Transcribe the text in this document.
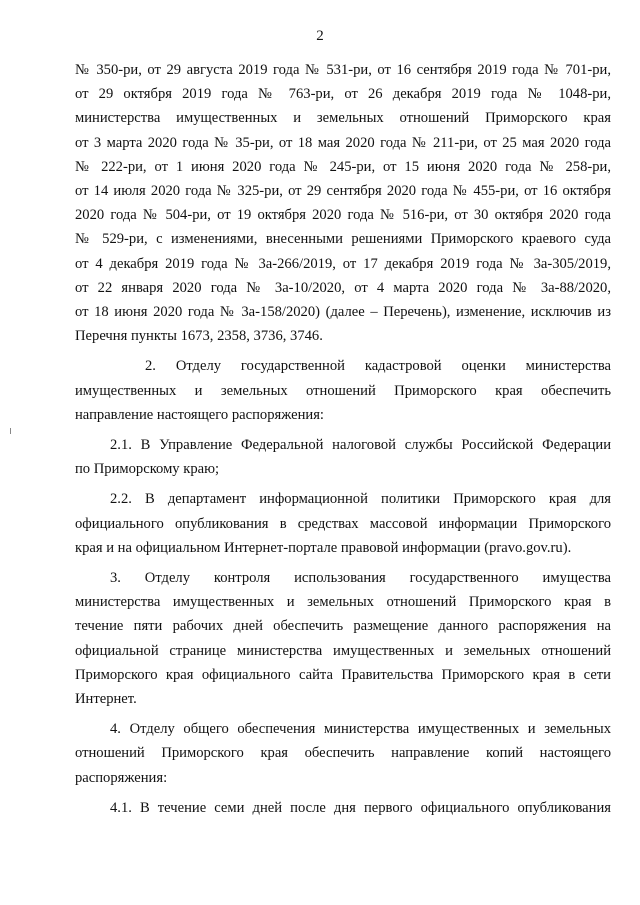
2

№ 350-ри, от 29 августа 2019 года № 531-ри, от 16 сентября 2019 года № 701-ри,
от 29 октября 2019 года № 763-ри, от 26 декабря 2019 года № 1048-ри,
министерства имущественных и земельных отношений Приморского края
от 3 марта 2020 года № 35-ри, от 18 мая 2020 года № 211-ри, от 25 мая 2020 года
№ 222-ри, от 1 июня 2020 года № 245-ри, от 15 июня 2020 года № 258-ри,
от 14 июля 2020 года № 325-ри, от 29 сентября 2020 года № 455-ри, от 16 октября
2020 года № 504-ри, от 19 октября 2020 года № 516-ри, от 30 октября 2020 года
№ 529-ри, с изменениями, внесенными решениями Приморского краевого суда
от 4 декабря 2019 года № 3а-266/2019, от 17 декабря 2019 года № 3а-305/2019,
от 22 января 2020 года № 3а-10/2020, от 4 марта 2020 года № 3а-88/2020,
от 18 июня 2020 года № 3а-158/2020) (далее – Перечень), изменение, исключив из
Перечня пункты 1673, 2358, 3736, 3746.

2. Отделу государственной кадастровой оценки министерства
имущественных и земельных отношений Приморского края обеспечить
направление настоящего распоряжения:

2.1. В Управление Федеральной налоговой службы Российской Федерации
по Приморскому краю;

2.2. В департамент информационной политики Приморского края для
официального опубликования в средствах массовой информации Приморского
края и на официальном Интернет-портале правовой информации (pravo.gov.ru).

3. Отделу контроля использования государственного имущества
министерства имущественных и земельных отношений Приморского края в
течение пяти рабочих дней обеспечить размещение данного распоряжения на
официальной странице министерства имущественных и земельных отношений
Приморского края официального сайта Правительства Приморского края в сети
Интернет.

4. Отделу общего обеспечения министерства имущественных и земельных
отношений Приморского края обеспечить направление копий настоящего
распоряжения:

4.1. В течение семи дней после дня первого официального опубликования
